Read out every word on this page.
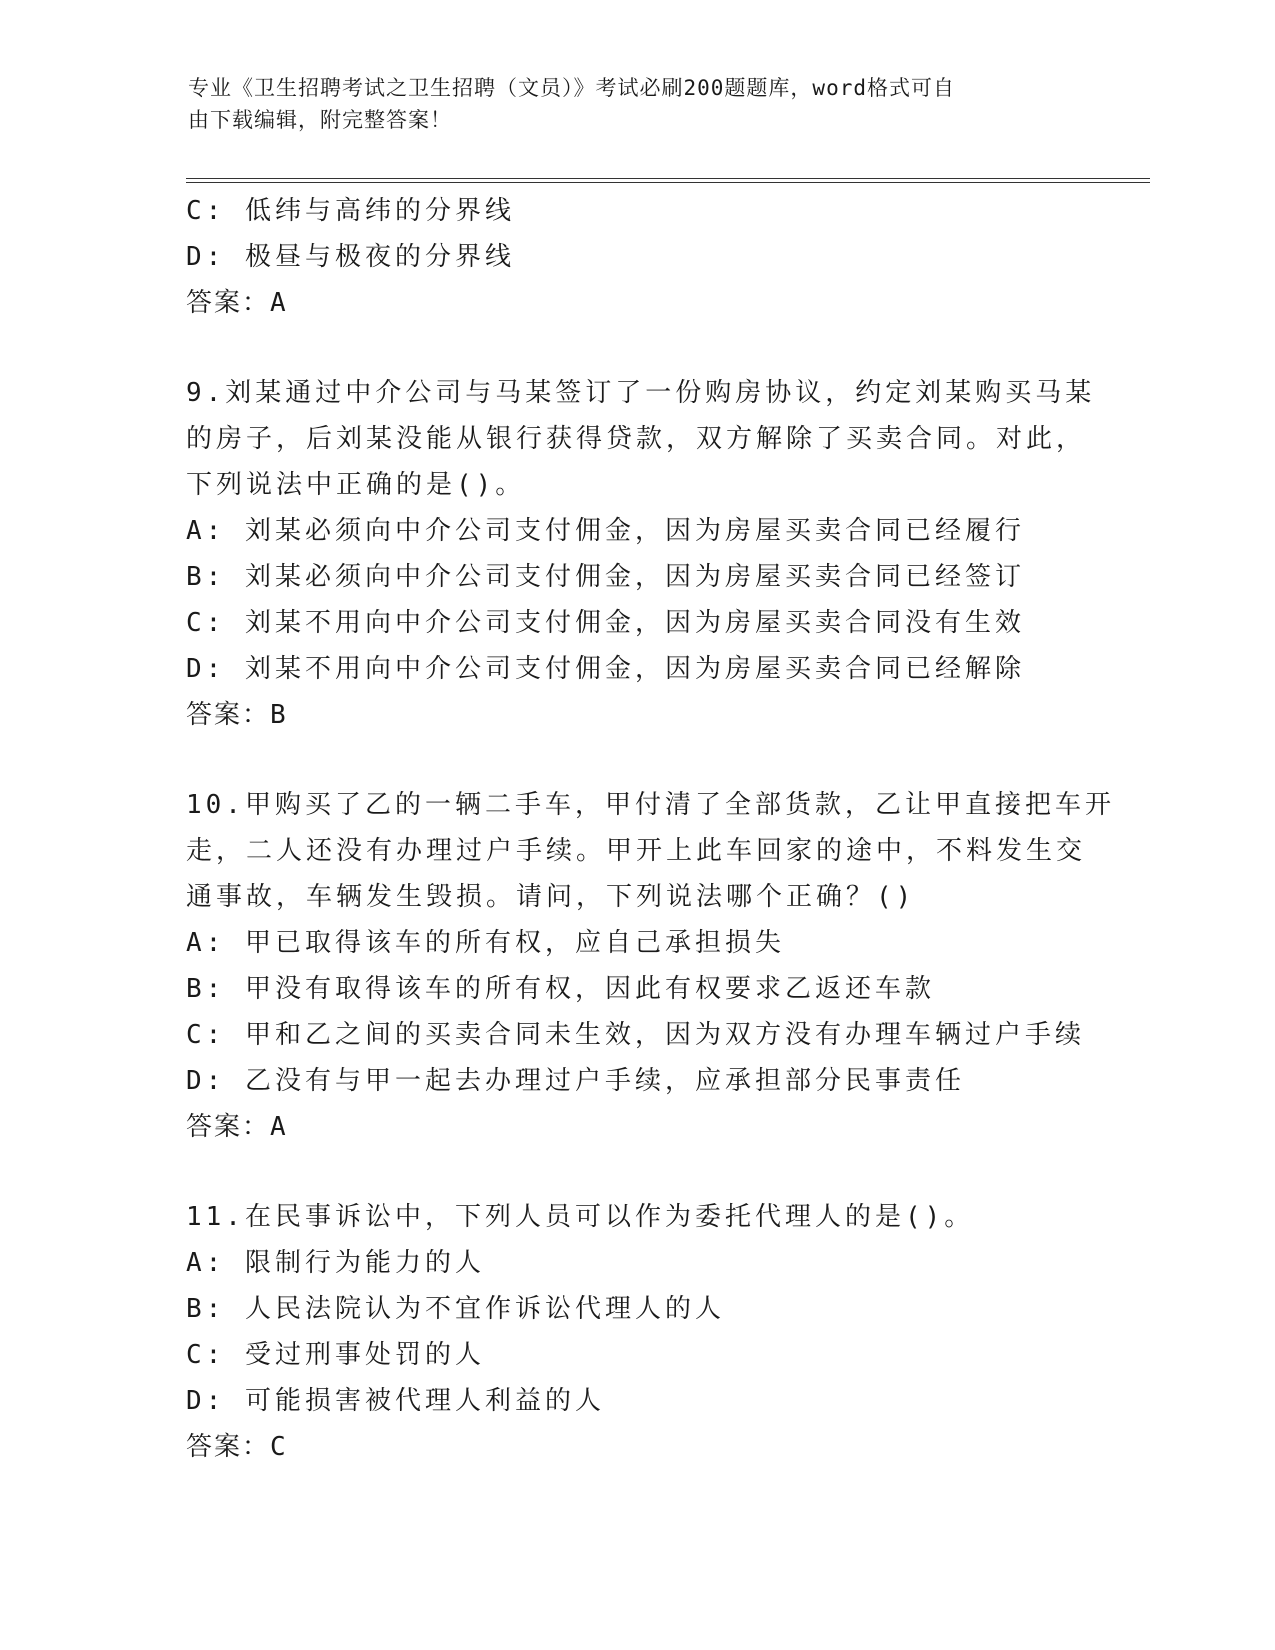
专业《卫生招聘考试之卫生招聘（文员）》考试必刷200题题库，word格式可自
由下载编辑，附完整答案！
C: 低纬与高纬的分界线
D: 极昼与极夜的分界线
答案：A
9.刘某通过中介公司与马某签订了一份购房协议，约定刘某购买马某
的房子，后刘某没能从银行获得贷款，双方解除了买卖合同。对此，
下列说法中正确的是()。
A: 刘某必须向中介公司支付佣金，因为房屋买卖合同已经履行
B: 刘某必须向中介公司支付佣金，因为房屋买卖合同已经签订
C: 刘某不用向中介公司支付佣金，因为房屋买卖合同没有生效
D: 刘某不用向中介公司支付佣金，因为房屋买卖合同已经解除
答案：B
10.甲购买了乙的一辆二手车，甲付清了全部货款，乙让甲直接把车开
走，二人还没有办理过户手续。甲开上此车回家的途中，不料发生交
通事故，车辆发生毁损。请问，下列说法哪个正确？()
A: 甲已取得该车的所有权，应自己承担损失
B: 甲没有取得该车的所有权，因此有权要求乙返还车款
C: 甲和乙之间的买卖合同未生效，因为双方没有办理车辆过户手续
D: 乙没有与甲一起去办理过户手续，应承担部分民事责任
答案：A
11.在民事诉讼中，下列人员可以作为委托代理人的是()。
A: 限制行为能力的人
B: 人民法院认为不宜作诉讼代理人的人
C: 受过刑事处罚的人
D: 可能损害被代理人利益的人
答案：C
